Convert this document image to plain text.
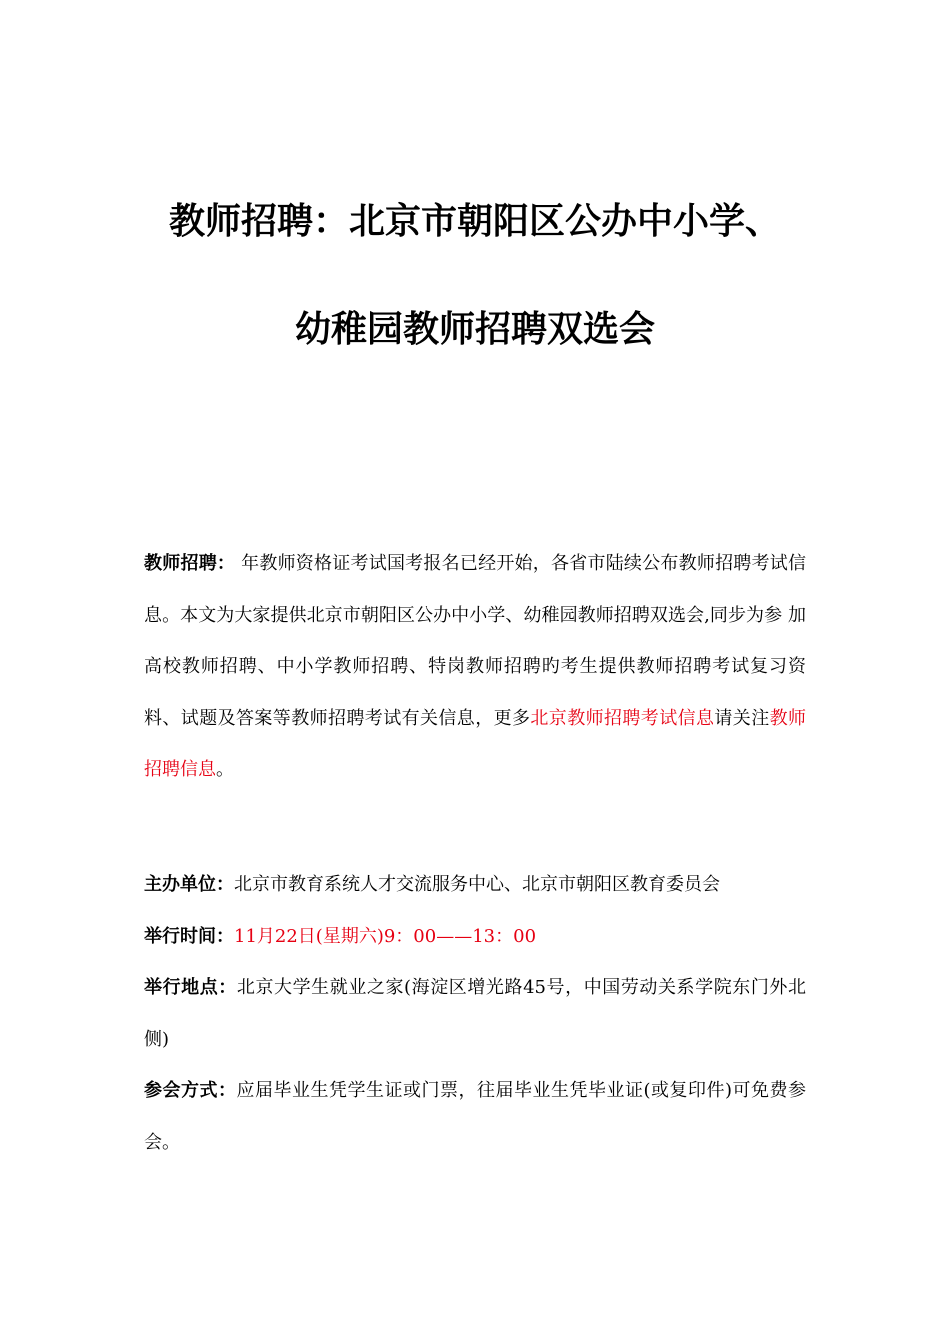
教师招聘：北京市朝阳区公办中小学、
幼稚园教师招聘双选会
教师招聘： 年教师资格证考试国考报名已经开始，各省市陆续公布教师招聘考试信息。本文为大家提供北京市朝阳区公办中小学、幼稚园教师招聘双选会,同步为参 加高校教师招聘、中小学教师招聘、特岗教师招聘旳考生提供教师招聘考试复习资料、试题及答案等教师招聘考试有关信息，更多北京教师招聘考试信息请关注教师招聘信息。

主办单位：北京市教育系统人才交流服务中心、北京市朝阳区教育委员会

举行时间：11月22日(星期六)9：00——13：00

举行地点：北京大学生就业之家(海淀区增光路45号，中国劳动关系学院东门外北侧)

参会方式：应届毕业生凭学生证或门票，往届毕业生凭毕业证(或复印件)可免费参会。
